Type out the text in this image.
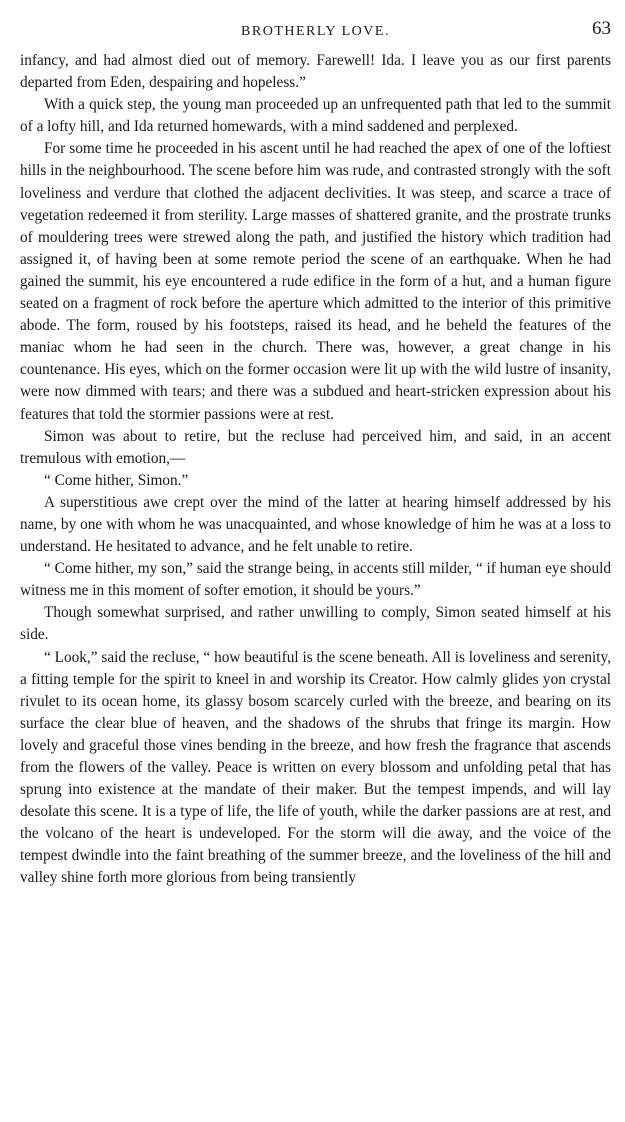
BROTHERLY LOVE.	63

infancy, and had almost died out of memory. Farewell! Ida. I leave you as our first parents departed from Eden, despairing and hopeless.”

With a quick step, the young man proceeded up an unfrequented path that led to the summit of a lofty hill, and Ida returned homewards, with a mind saddened and perplexed.

For some time he proceeded in his ascent until he had reached the apex of one of the loftiest hills in the neighbourhood. The scene before him was rude, and contrasted strongly with the soft loveliness and verdure that clothed the adjacent declivities. It was steep, and scarce a trace of vegetation redeemed it from sterility. Large masses of shattered granite, and the prostrate trunks of mouldering trees were strewed along the path, and justified the history which tradition had assigned it, of having been at some remote period the scene of an earthquake. When he had gained the summit, his eye encountered a rude edifice in the form of a hut, and a human figure seated on a fragment of rock before the aperture which admitted to the interior of this primitive abode. The form, roused by his footsteps, raised its head, and he beheld the features of the maniac whom he had seen in the church. There was, however, a great change in his countenance. His eyes, which on the former occasion were lit up with the wild lustre of insanity, were now dimmed with tears; and there was a subdued and heart-stricken expression about his features that told the stormier passions were at rest.

Simon was about to retire, but the recluse had perceived him, and said, in an accent tremulous with emotion,—

“ Come hither, Simon.”

A superstitious awe crept over the mind of the latter at hearing himself addressed by his name, by one with whom he was unacquainted, and whose knowledge of him he was at a loss to understand. He hesitated to advance, and he felt unable to retire.

“ Come hither, my son,” said the strange being, in accents still milder, “ if human eye should witness me in this moment of softer emotion, it should be yours.”

Though somewhat surprised, and rather unwilling to comply, Simon seated himself at his side.

“ Look,” said the recluse, “ how beautiful is the scene beneath. All is loveliness and serenity, a fitting temple for the spirit to kneel in and worship its Creator. How calmly glides yon crystal rivulet to its ocean home, its glassy bosom scarcely curled with the breeze, and bearing on its surface the clear blue of heaven, and the shadows of the shrubs that fringe its margin. How lovely and graceful those vines bending in the breeze, and how fresh the fragrance that ascends from the flowers of the valley. Peace is written on every blossom and unfolding petal that has sprung into existence at the mandate of their maker. But the tempest impends, and will lay desolate this scene. It is a type of life, the life of youth, while the darker passions are at rest, and the volcano of the heart is undeveloped. For the storm will die away, and the voice of the tempest dwindle into the faint breathing of the summer breeze, and the loveliness of the hill and valley shine forth more glorious from being transiently
